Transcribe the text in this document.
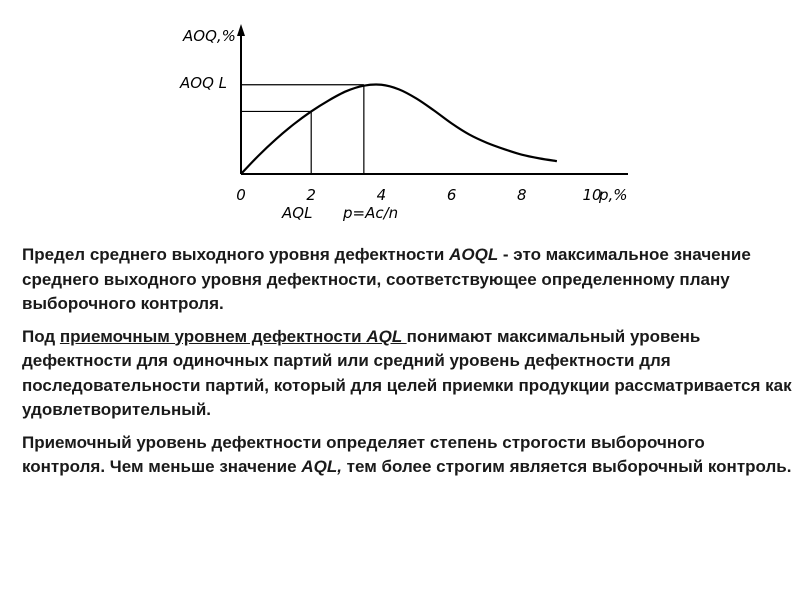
AOQ,%
AOQ L
0	2	4	6	8	10
p,%
AQL p=Ac/n

Предел среднего выходного уровня дефектности AOQL - это максимальное значение среднего выходного уровня дефектности, соответствующее определенному плану выборочного контроля.

Под приемочным уровнем дефектности AQL понимают максимальный уровень дефектности для одиночных партий или средний уровень дефектности для последовательности партий, который для целей приемки продукции рассматривается как удовлетворительный.

Приемочный уровень дефектности определяет степень строгости выборочного контроля. Чем меньше значение AQL, тем более строгим является выборочный контроль.
